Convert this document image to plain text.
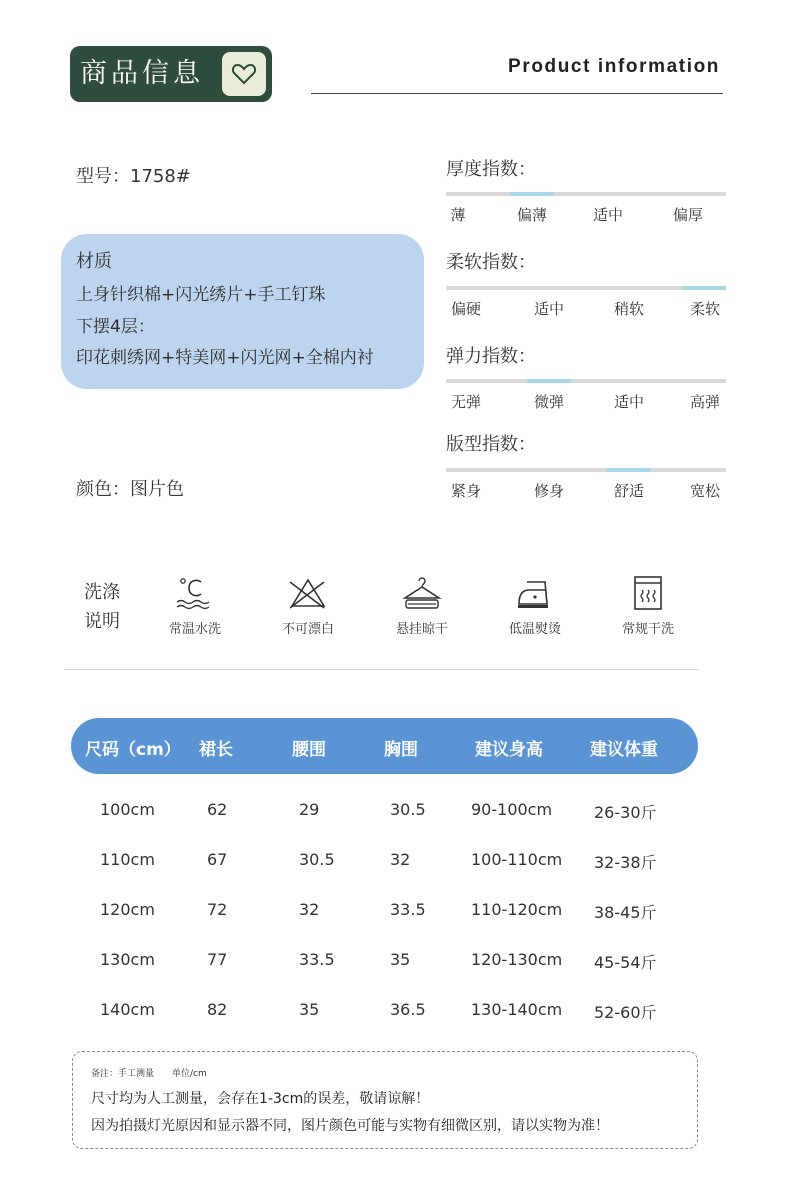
商品信息	Product information
型号：1758#
材质
上身针织棉+闪光绣片+手工钉珠
下摆4层：
印花刺绣网+特美网+闪光网+全棉内衬
颜色：图片色
厚度指数：
薄	偏薄	适中	偏厚
柔软指数：
偏硬	适中	稍软	柔软
弹力指数：
无弹	微弹	适中	高弹
版型指数：
紧身	修身	舒适	宽松
洗涤
说明	常温水洗	不可漂白	悬挂晾干	低温熨烫	常规干洗
尺码（cm） 裙长	腰围	胸围	建议身高	建议体重
100cm	62	29	30.5	90-100cm	26-30斤
110cm	67	30.5	32	100-110cm 32-38斤
120cm	72	32	33.5	110-120cm 38-45斤
130cm	77	33.5	35	120-130cm 45-54斤
140cm	82	35	36.5	130-140cm 52-60斤
备注：手工测量　　单位/cm
尺寸均为人工测量，会存在1-3cm的误差，敬请谅解！
因为拍摄灯光原因和显示器不同，图片颜色可能与实物有细微区别，请以实物为准！
